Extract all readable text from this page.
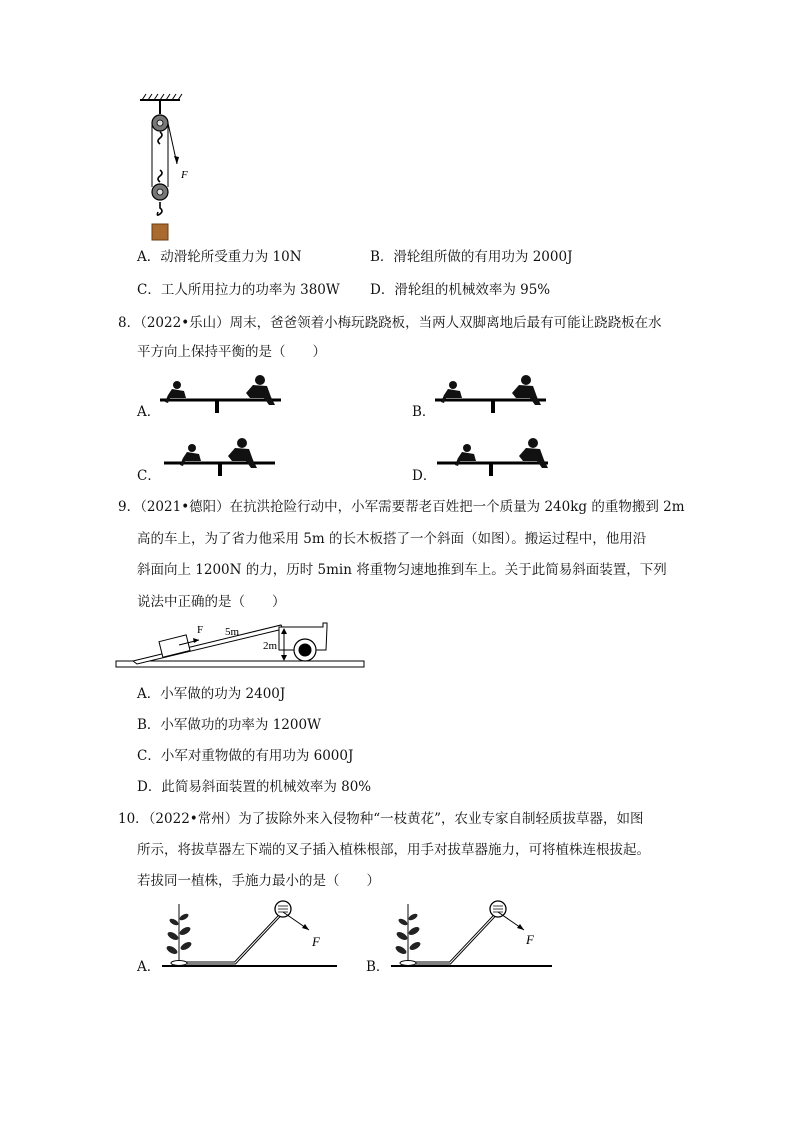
F
A．动滑轮所受重力为 10N	B．滑轮组所做的有用功为 2000J
C．工人所用拉力的功率为 380W D．滑轮组的机械效率为 95%
8．（2022•乐山）周末，爸爸领着小梅玩跷跷板，当两人双脚离地后最有可能让跷跷板在水
平方向上保持平衡的是（　　）
A．	B．
C．	D．
9．（2021•德阳）在抗洪抢险行动中，小军需要帮老百姓把一个质量为 240kg 的重物搬到 2m
高的车上，为了省力他采用 5m 的长木板搭了一个斜面（如图）。搬运过程中，他用沿
斜面向上 1200N 的力，历时 5min 将重物匀速地推到车上。关于此简易斜面装置，下列
说法中正确的是（　　）
F 5m
2m
A．小军做的功为 2400J
B．小军做功的功率为 1200W
C．小军对重物做的有用功为 6000J
D．此简易斜面装置的机械效率为 80%
10．（2022•常州）为了拔除外来入侵物种“一枝黄花”，农业专家自制轻质拔草器，如图
所示，将拔草器左下端的叉子插入植株根部，用手对拔草器施力，可将植株连根拔起。
若拔同一植株，手施力最小的是（　　）
A．
F
B．
F
